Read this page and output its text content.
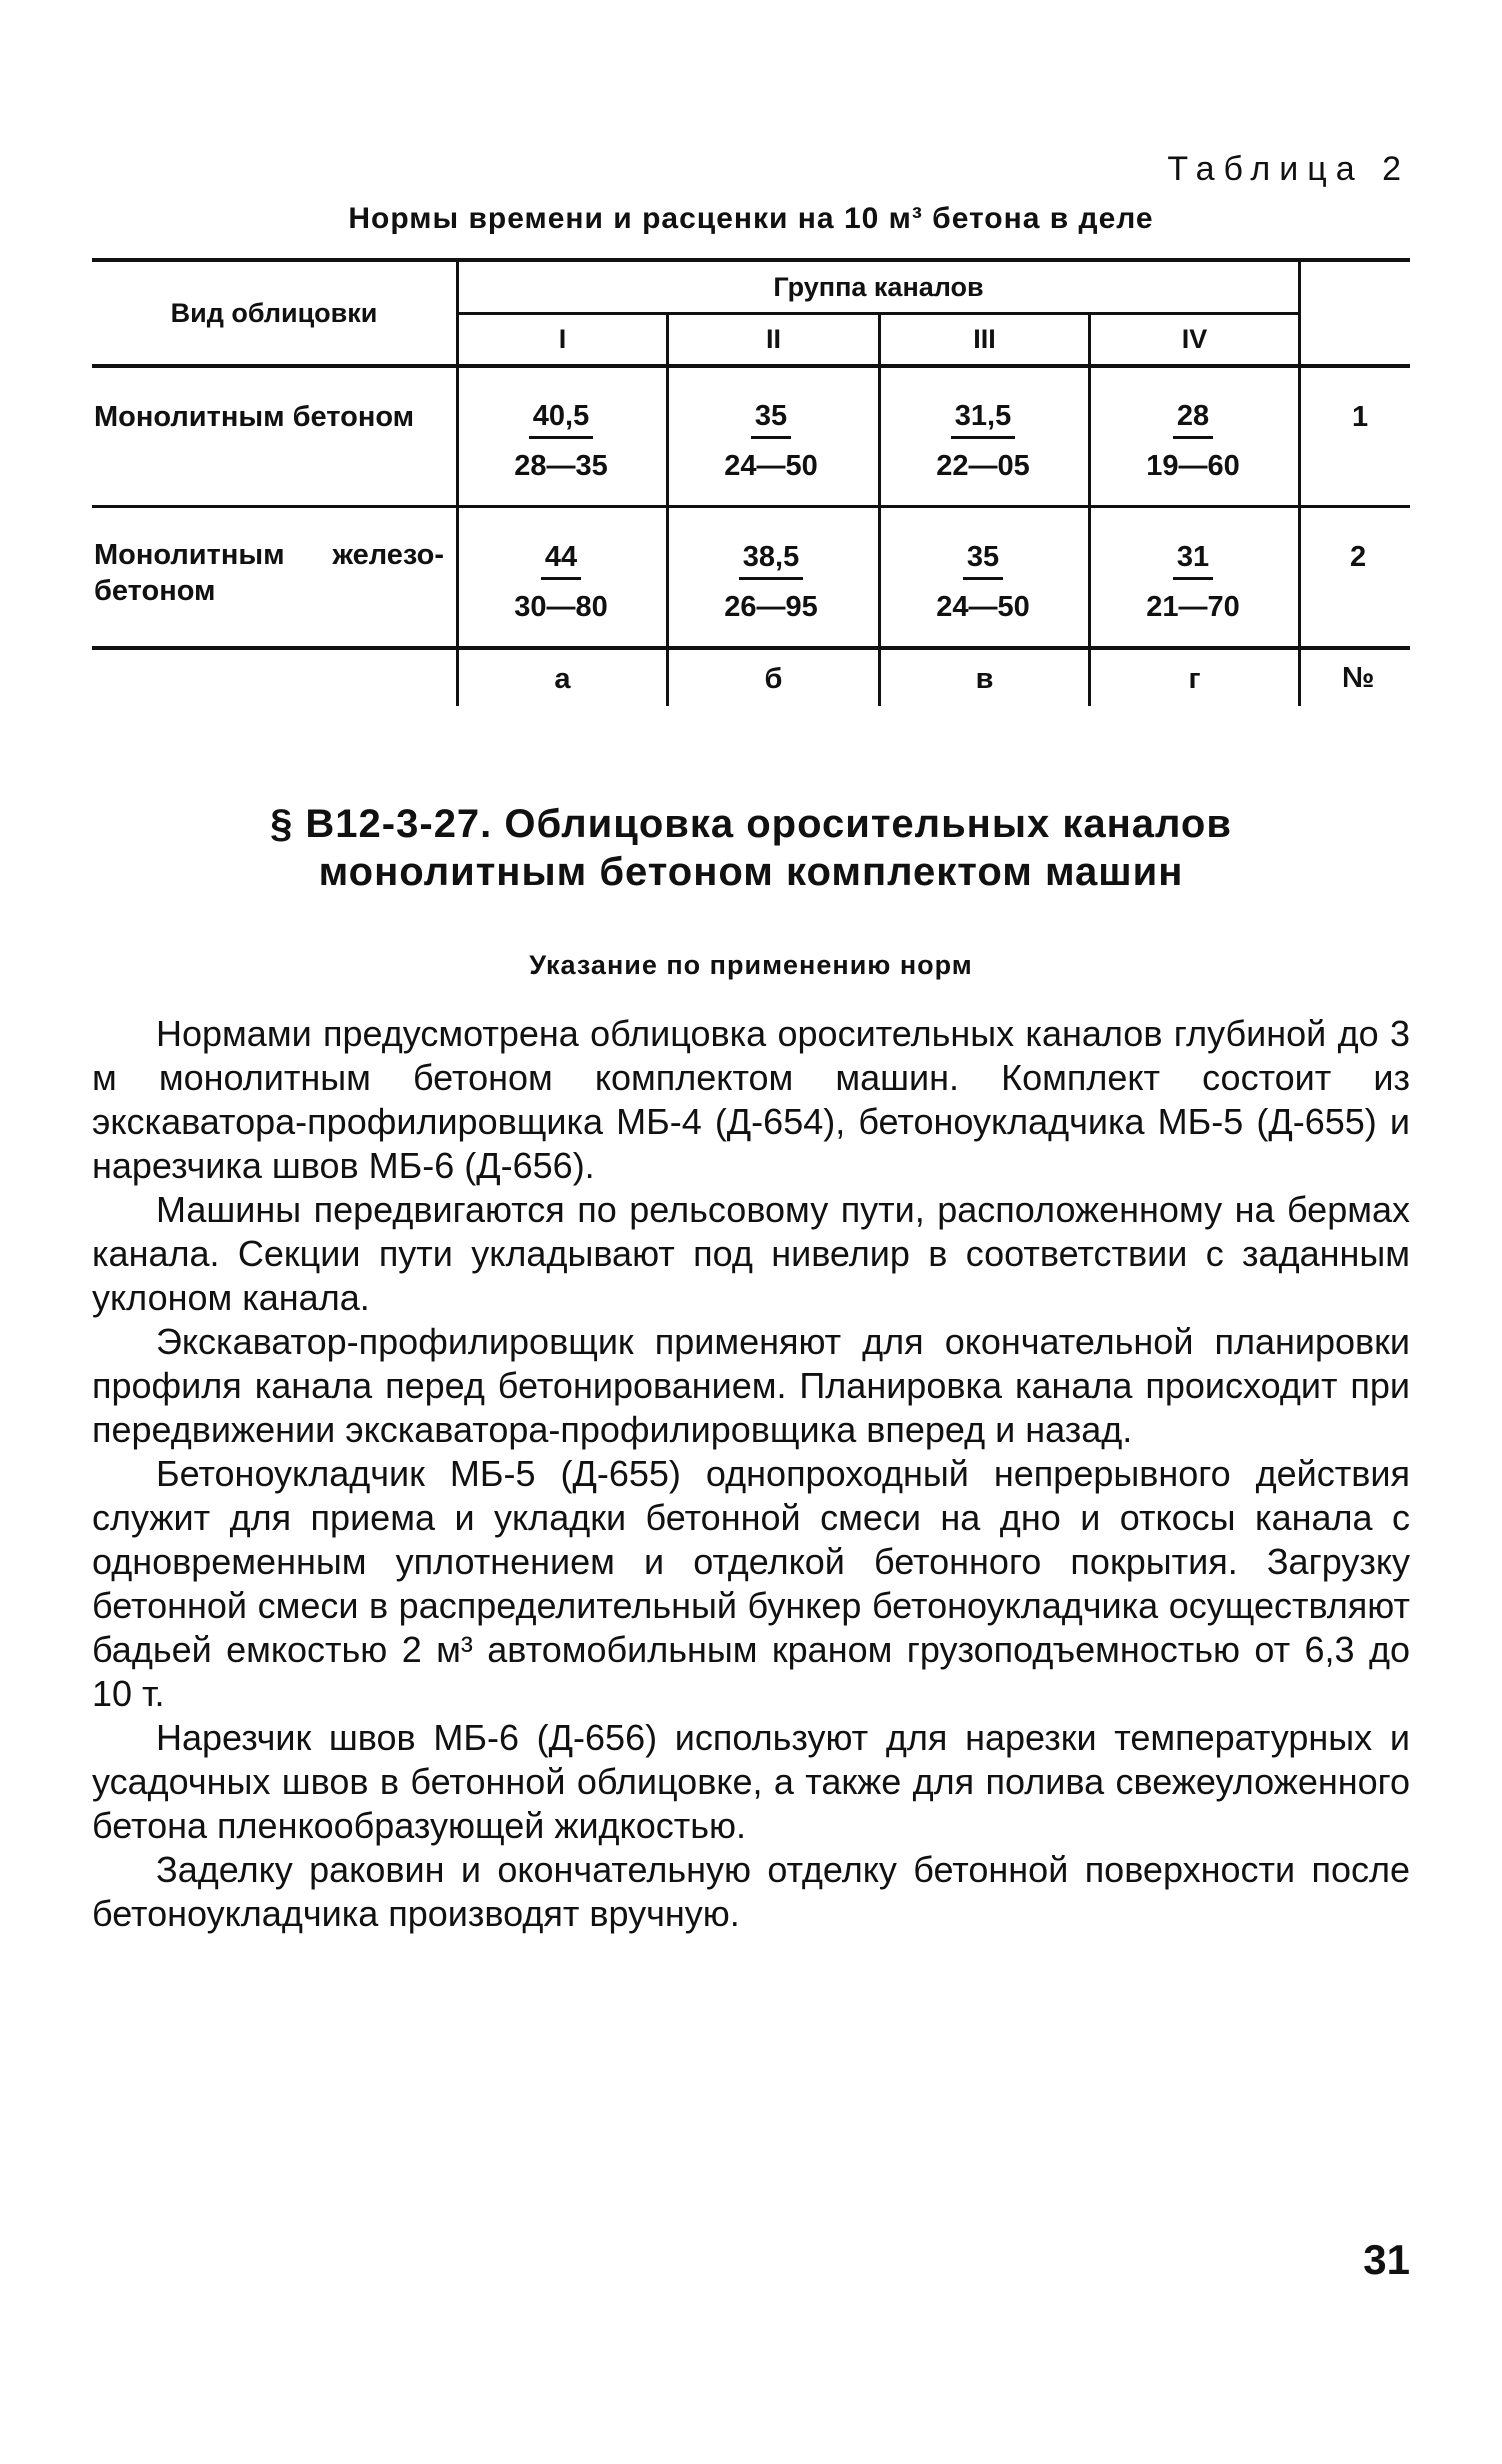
Таблица 2
Нормы времени и расценки на 10 м³ бетона в деле
Вид облицовки
Группа каналов
I	II	III	IV
Монолитным бетоном	$\frac{40,5}{28—35} \frac{35}{24—50} \frac{31,5}{22—05} \frac{28}{19—60} 1$
Монолитным железо-
бетоном	$\frac{44}{30—80} \frac{38,5}{26—95} \frac{35}{24—50} \frac{31}{21—70} 2$
а	б	в	г	№
§ В12-3-27. Облицовка оросительных каналов
монолитным бетоном комплектом машин
Указание по применению норм

Нормами предусмотрена облицовка оросительных каналов глубиной до 3 м монолитным бетоном комплектом машин. Комплект состоит из экскаватора-профилировщика МБ-4 (Д-654), бетоноукладчика МБ-5 (Д-655) и нарезчика швов МБ-6 (Д-656).

Машины передвигаются по рельсовому пути, расположенному на бермах канала. Секции пути укладывают под нивелир в соответствии с заданным уклоном канала.

Экскаватор-профилировщик применяют для окончательной планировки профиля канала перед бетонированием. Планировка канала происходит при передвижении экскаватора-профилировщика вперед и назад.

Бетоноукладчик МБ-5 (Д-655) однопроходный непрерывного действия служит для приема и укладки бетонной смеси на дно и откосы канала с одновременным уплотнением и отделкой бетонного покрытия. Загрузку бетонной смеси в распределительный бункер бетоноукладчика осуществляют бадьей емкостью 2 м³ автомобильным краном грузоподъемностью от 6,3 до 10 т.

Нарезчик швов МБ-6 (Д-656) используют для нарезки температурных и усадочных швов в бетонной облицовке, а также для полива свежеуложенного бетона пленкообразующей жидкостью.

Заделку раковин и окончательную отделку бетонной поверхности после бетоноукладчика производят вручную.

31
